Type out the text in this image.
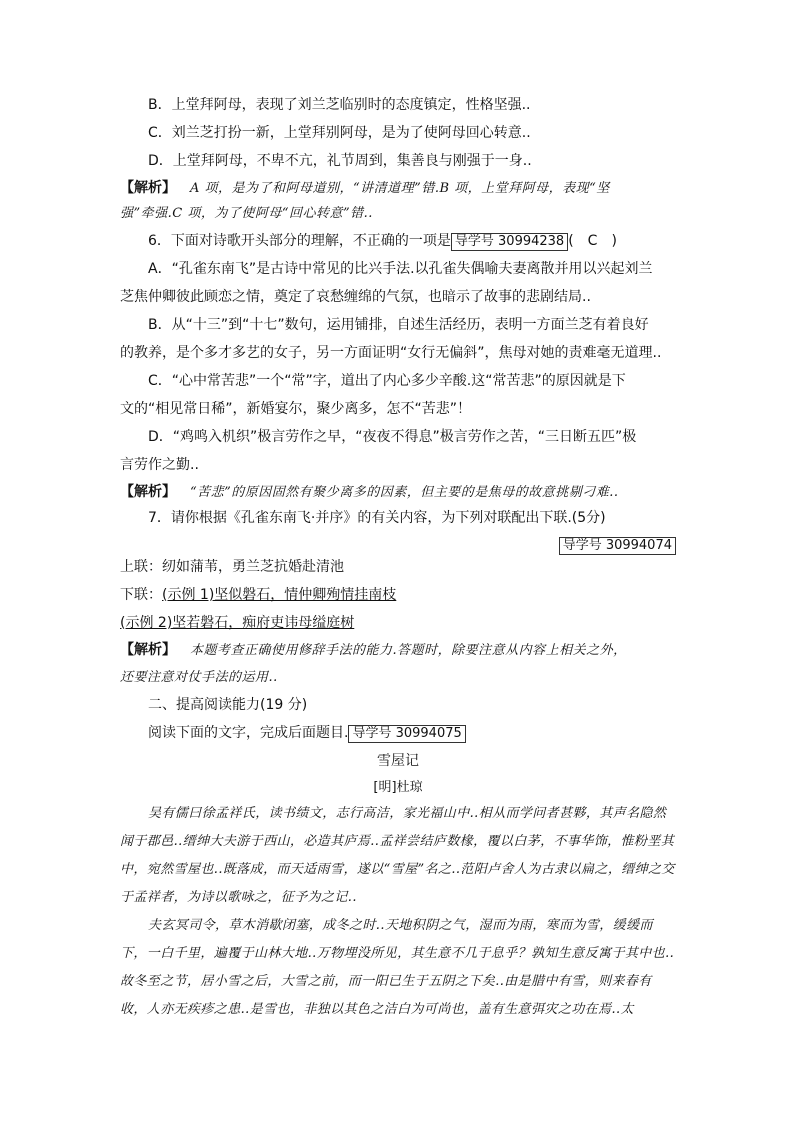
B．上堂拜阿母，表现了刘兰芝临别时的态度镇定，性格坚强..
C．刘兰芝打扮一新，上堂拜别阿母，是为了使阿母回心转意..
D．上堂拜阿母，不卑不亢，礼节周到，集善良与刚强于一身..
【解析】 A 项，是为了和阿母道别，“讲清道理”错.B 项，上堂拜阿母，表现“坚
强”牵强.C 项，为了使阿母“回心转意”错..
6．下面对诗歌开头部分的理解，不正确的一项是 导学号 30994238 (　C　)
A．“孔雀东南飞”是古诗中常见的比兴手法.以孔雀失偶喻夫妻离散并用以兴起刘兰
芝焦仲卿彼此顾恋之情，奠定了哀愁缠绵的气氛，也暗示了故事的悲剧结局..
B．从“十三”到“十七”数句，运用铺排，自述生活经历，表明一方面兰芝有着良好
的教养，是个多才多艺的女子，另一方面证明“女行无偏斜”，焦母对她的责难毫无道理..
C．“心中常苦悲”一个“常”字，道出了内心多少辛酸.这“常苦悲”的原因就是下
文的“相见常日稀”，新婚宴尔，聚少离多，怎不“苦悲”！
D．“鸡鸣入机织”极言劳作之早，“夜夜不得息”极言劳作之苦，“三日断五匹”极
言劳作之勤..
【解析】 “苦悲”的原因固然有聚少离多的因素，但主要的是焦母的故意挑剔刁难..
7．请你根据《孔雀东南飞·并序》的有关内容，为下列对联配出下联.(5分)
导学号 30994074
上联：纫如蒲苇，勇兰芝抗婚赴清池
下联：(示例 1)坚似磐石，情仲卿殉情挂南枝
(示例 2)坚若磐石，痴府吏讳母缢庭树
【解析】 本题考查正确使用修辞手法的能力.答题时，除要注意从内容上相关之外，
还要注意对仗手法的运用..
二、提高阅读能力(19 分)
阅读下面的文字，完成后面题目. 导学号 30994075
雪屋记
[明]杜琼
吴有儒曰徐孟祥氏，读书绩文，志行高洁，家光福山中..相从而学问者甚夥，其声名隐然闻于郡邑..缙绅大夫游于西山，必造其庐焉..孟祥尝结庐数椽，覆以白茅，不事华饰，惟粉垩其中，宛然雪屋也..既落成，而天适雨雪，遂以“雪屋”名之..范阳卢舍人为古隶以扁之，缙绅之交于孟祥者，为诗以歌咏之，征予为之记..
夫玄冥司令，草木消歇闭塞，成冬之时..天地积阴之气，湿而为雨，寒而为雪，缓缓而下，一白千里，遍覆于山林大地..万物埋没所见，其生意不几于息乎？孰知生意反寓于其中也..故冬至之节，居小雪之后，大雪之前，而一阳已生于五阴之下矣..由是腊中有雪，则来春有收，人亦无疾疹之患..是雪也，非独以其色之洁白为可尚也，盖有生意弭灾之功在焉..太
